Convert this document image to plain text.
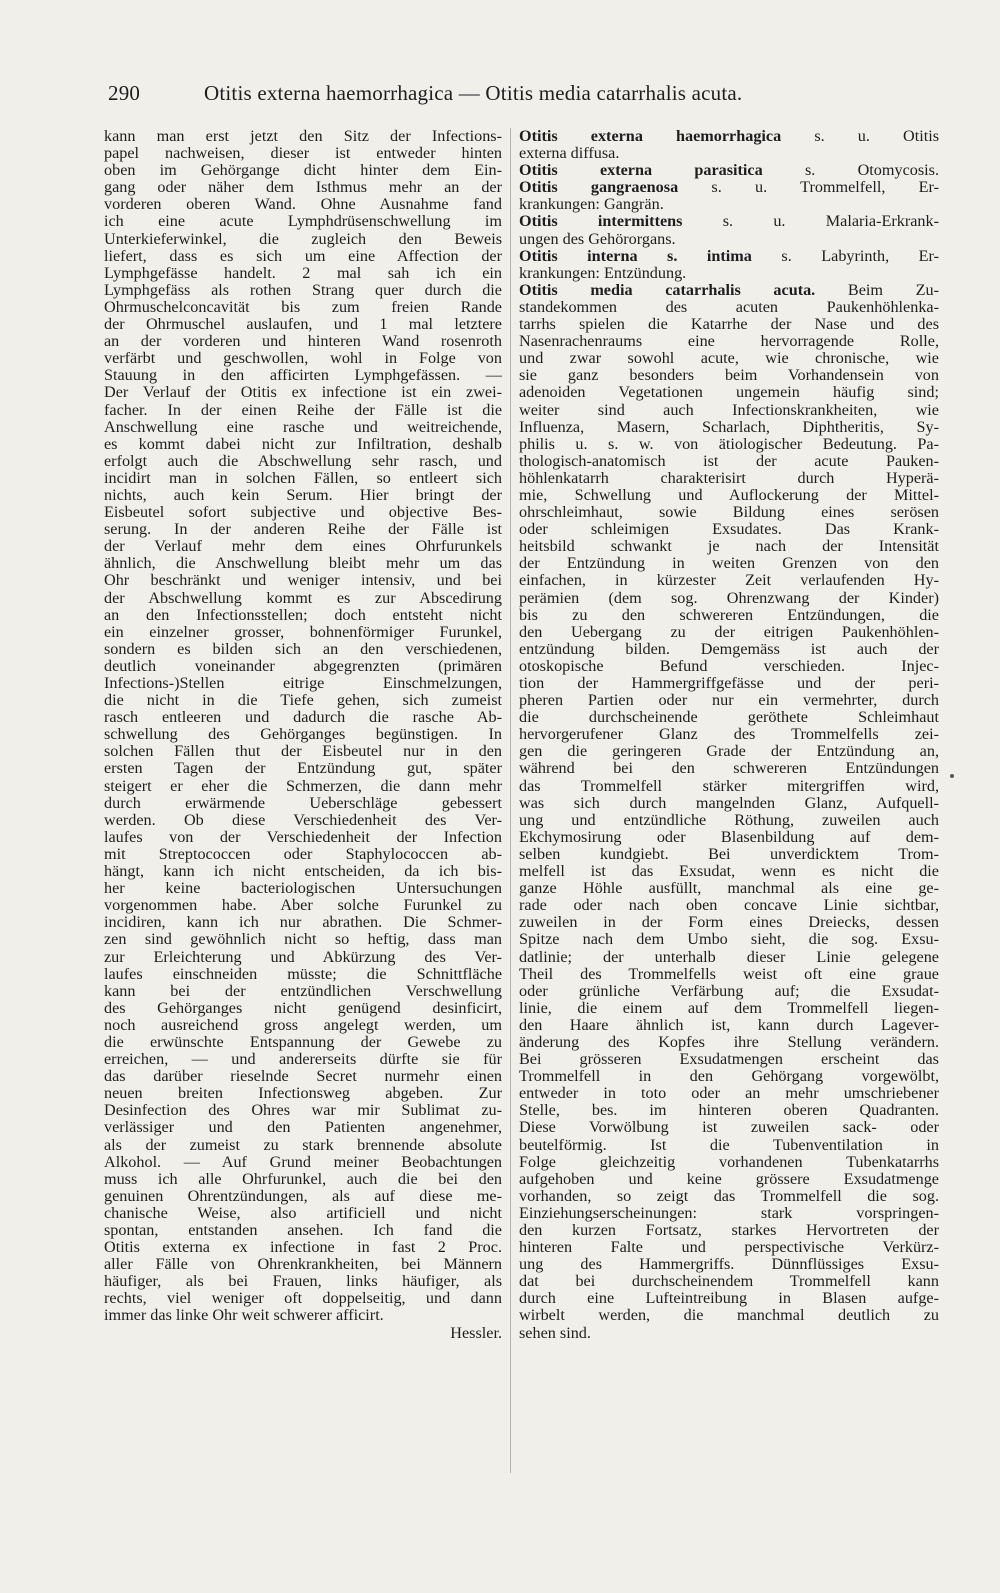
290	Otitis externa haemorrhagica — Otitis media catarrhalis acuta.
kann man erst jetzt den Sitz der Infections-
papel nachweisen, dieser ist entweder hinten
oben im Gehörgange dicht hinter dem Ein-
gang oder näher dem Isthmus mehr an der
vorderen oberen Wand. Ohne Ausnahme fand
ich eine acute Lymphdrüsenschwellung im
Unterkieferwinkel, die zugleich den Beweis
liefert, dass es sich um eine Affection der
Lymphgefässe handelt. 2 mal sah ich ein
Lymphgefäss als rothen Strang quer durch die
Ohrmuschelconcavität bis zum freien Rande
der Ohrmuschel auslaufen, und 1 mal letztere
an der vorderen und hinteren Wand rosenroth
verfärbt und geschwollen, wohl in Folge von
Stauung in den afficirten Lymphgefässen. —
Der Verlauf der Otitis ex infectione ist ein zwei-
facher. In der einen Reihe der Fälle ist die
Anschwellung eine rasche und weitreichende,
es kommt dabei nicht zur Infiltration, deshalb
erfolgt auch die Abschwellung sehr rasch, und
incidirt man in solchen Fällen, so entleert sich
nichts, auch kein Serum. Hier bringt der
Eisbeutel sofort subjective und objective Bes-
serung. In der anderen Reihe der Fälle ist
der Verlauf mehr dem eines Ohrfurunkels
ähnlich, die Anschwellung bleibt mehr um das
Ohr beschränkt und weniger intensiv, und bei
der Abschwellung kommt es zur Abscedirung
an den Infectionsstellen; doch entsteht nicht
ein einzelner grosser, bohnenförmiger Furunkel,
sondern es bilden sich an den verschiedenen,
deutlich voneinander abgegrenzten (primären
Infections-)Stellen eitrige Einschmelzungen,
die nicht in die Tiefe gehen, sich zumeist
rasch entleeren und dadurch die rasche Ab-
schwellung des Gehörganges begünstigen. In
solchen Fällen thut der Eisbeutel nur in den
ersten Tagen der Entzündung gut, später
steigert er eher die Schmerzen, die dann mehr
durch erwärmende Ueberschläge gebessert
werden. Ob diese Verschiedenheit des Ver-
laufes von der Verschiedenheit der Infection
mit Streptococcen oder Staphylococcen ab-
hängt, kann ich nicht entscheiden, da ich bis-
her keine bacteriologischen Untersuchungen
vorgenommen habe. Aber solche Furunkel zu
incidiren, kann ich nur abrathen. Die Schmer-
zen sind gewöhnlich nicht so heftig, dass man
zur Erleichterung und Abkürzung des Ver-
laufes einschneiden müsste; die Schnittfläche
kann bei der entzündlichen Verschwellung
des Gehörganges nicht genügend desinficirt,
noch ausreichend gross angelegt werden, um
die erwünschte Entspannung der Gewebe zu
erreichen, — und andererseits dürfte sie für
das darüber rieselnde Secret nurmehr einen
neuen breiten Infectionsweg abgeben. Zur
Desinfection des Ohres war mir Sublimat zu-
verlässiger und den Patienten angenehmer,
als der zumeist zu stark brennende absolute
Alkohol. — Auf Grund meiner Beobachtungen
muss ich alle Ohrfurunkel, auch die bei den
genuinen Ohrentzündungen, als auf diese me-
chanische Weise, also artificiell und nicht
spontan, entstanden ansehen. Ich fand die
Otitis externa ex infectione in fast 2 Proc.
aller Fälle von Ohrenkrankheiten, bei Männern
häufiger, als bei Frauen, links häufiger, als
rechts, viel weniger oft doppelseitig, und dann
immer das linke Ohr weit schwerer afficirt.
Hessler.
Otitis externa haemorrhagica s. u. Otitis
externa diffusa.
Otitis externa parasitica s. Otomycosis.
Otitis gangraenosa s. u. Trommelfell, Er-
krankungen: Gangrän.
Otitis intermittens s. u. Malaria-Erkrank-
ungen des Gehörorgans.
Otitis interna s. intima s. Labyrinth, Er-
krankungen: Entzündung.
Otitis media catarrhalis acuta. Beim Zu-
standekommen des acuten Paukenhöhlenka-
tarrhs spielen die Katarrhe der Nase und des
Nasenrachenraums eine hervorragende Rolle,
und zwar sowohl acute, wie chronische, wie
sie ganz besonders beim Vorhandensein von
adenoiden Vegetationen ungemein häufig sind;
weiter sind auch Infectionskrankheiten, wie
Influenza, Masern, Scharlach, Diphtheritis, Sy-
philis u. s. w. von ätiologischer Bedeutung. Pa-
thologisch-anatomisch ist der acute Pauken-
höhlenkatarrh charakterisirt durch Hyperä-
mie, Schwellung und Auflockerung der Mittel-
ohrschleimhaut, sowie Bildung eines serösen
oder schleimigen Exsudates. Das Krank-
heitsbild schwankt je nach der Intensität
der Entzündung in weiten Grenzen von den
einfachen, in kürzester Zeit verlaufenden Hy-
perämien (dem sog. Ohrenzwang der Kinder)
bis zu den schwereren Entzündungen, die
den Uebergang zu der eitrigen Paukenhöhlen-
entzündung bilden. Demgemäss ist auch der
otoskopische Befund verschieden. Injec-
tion der Hammergriffgefässe und der peri-
pheren Partien oder nur ein vermehrter, durch
die durchscheinende geröthete Schleimhaut
hervorgerufener Glanz des Trommelfells zei-
gen die geringeren Grade der Entzündung an,
während bei den schwereren Entzündungen
das Trommelfell stärker mitergriffen wird,
was sich durch mangelnden Glanz, Aufquell-
ung und entzündliche Röthung, zuweilen auch
Ekchymosirung oder Blasenbildung auf dem-
selben kundgiebt. Bei unverdicktem Trom-
melfell ist das Exsudat, wenn es nicht die
ganze Höhle ausfüllt, manchmal als eine ge-
rade oder nach oben concave Linie sichtbar,
zuweilen in der Form eines Dreiecks, dessen
Spitze nach dem Umbo sieht, die sog. Exsu-
datlinie; der unterhalb dieser Linie gelegene
Theil des Trommelfells weist oft eine graue
oder grünliche Verfärbung auf; die Exsudat-
linie, die einem auf dem Trommelfell liegen-
den Haare ähnlich ist, kann durch Lagever-
änderung des Kopfes ihre Stellung verändern.
Bei grösseren Exsudatmengen erscheint das
Trommelfell in den Gehörgang vorgewölbt,
entweder in toto oder an mehr umschriebener
Stelle, bes. im hinteren oberen Quadranten.
Diese Vorwölbung ist zuweilen sack- oder
beutelförmig. Ist die Tubenventilation in
Folge gleichzeitig vorhandenen Tubenkatarrhs
aufgehoben und keine grössere Exsudatmenge
vorhanden, so zeigt das Trommelfell die sog.
Einziehungserscheinungen: stark vorspringen-
den kurzen Fortsatz, starkes Hervortreten der
hinteren Falte und perspectivische Verkürz-
ung des Hammergriffs. Dünnflüssiges Exsu-
dat bei durchscheinendem Trommelfell kann
durch eine Lufteintreibung in Blasen aufge-
wirbelt werden, die manchmal deutlich zu
sehen sind.
